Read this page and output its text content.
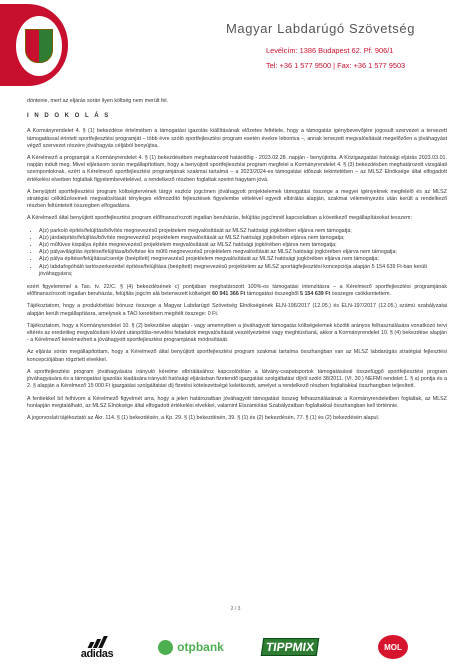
Magyar Labdarúgó Szövetség
Levélcím: 1386 Budapest 62. Pf. 906/1
Tel: +36 1 577 9500 | Fax: +36 1 577 9503

döntenie, mert az eljárás során ilyen költség nem merült fel.

I N D O K O L Á S

A Kormányrendelet 4. § (1) bekezdése értelmében a támogatási igazolás kiállításának előzetes feltétele, hogy a támogatás igénybevevőjére jogosult szervezet a tervezett támogatással érintett sportfejlesztési programját – több évre szóló sportfejlesztési program esetén évekre lebontva –, annak tervezett megvalósítását megelőzően a jóváhagyást végző szervezet részére jóváhagyás céljából benyújtsa.

A Kérelmező a programját a Kormányrendelet 4. § (1) bekezdésében meghatározott határidőig - 2023.02.28. napján - benyújtotta. A Közigazgatási hatósági eljárás 2023.03.01. napján indult meg. Mivel eljárásom során megállapítottam, hogy a benyújtott sportfejlesztési program megfelel a Kormányrendelet 4. § (3) bekezdésben meghatározott vizsgálati szempontoknak, ezért a Kérelmező sportfejlesztési programjának szakmai tartalmá – a 2023/2024-es támogatási időszak tekintetében – az MLSZ Elnöksége által elfogadott értékelési elveiben foglaltak figyelembevételével, a rendelkező részben foglaltak szerint hagytam jóvá.

A benyújtott sportfejlesztési program költségtervének tárgyi eszköz jogcímen jóváhagyott projektelemek támogatási összege a megyei igényeknek megfelelő és az MLSZ stratégiai célkitűzéseinek megvalósítását tényleges előmozdító fejlesztések figyelembe vételével egyedi elbírálás alapján, szakmai véleményezés után került a rendelkező részben feltüntetett összegben elfogadásra.

A Kérelmező által benyújtott sportfejlesztési program előfinanszírozott ingatlan beruházás, felújítás jogcímnél kapcsolatban a következő megállapításokat tesszem:

• A(z) parkoló építés/felújítás/bővítés megnevezésű projektelem megvalósítását az MLSZ hatósági jogkörében eljárva nem támogatja;
• A(z) járdaépítés/felújítás/bővítés megnevezésű projektelem megvalósítását az MLSZ hatósági jogkörében eljárva nem támogatja;
• A(z) műfüves kispálya építés megnevezésű projektelem megvalósítását az MLSZ hatósági jogkörében eljárva nem támogatja;
• A(z) pályavilágítás építése/felújítása/bővítése kis műfű megnevezésű projektelem megvalósítását az MLSZ hatósági jogkörében eljárva nem támogatja;
• A(z) pálya építése/felújítása/cseréje (beépített) megnevezésű projektelem megvalósítását az MLSZ hatósági jogkörében eljárva nem támogatja;
• A(z) labdafogóháló tartószerkezettel építése/felújítása (beépített) megnevezésű projektelem az MLSZ sportágfejlesztési koncepciója alapján 5 154 639 Ft-ban került jóváhagyásra;

ezért figyelemmel a Tao. tv. 22/C. § (4) bekezdésének c) pontjában meghatározott 100%-os támogatási intenzitásra – a Kérelmező sportfejlesztési programjának előfinanszírozott ingatlan beruházás, felújítás jogcím alá betervezett költségét 60 941 366 Ft támogatási összegből 5 154 639 Ft összegre csökkentettem.

Tájékoztatom, hogy a produktivitási bónusz összege a Magyar Labdarúgó Szövetség Elnökségének ELN-196/2017 (12.05.) és ELN-197/2017 (12.05.) számú szabályzatai alapján került megállapításra, amelynek a TAO keretében megítélt összege: 0 Ft.

Tájékoztatom, hogy a Kormányrendelet 10. § (2) bekezdése alapján - vagy amennyiben a jóváhagyott támogatás költségelemek közötti arányos felhasználására vonatkozó tervi eltérés az eredetileg megvalósítani kívánt utánpótlás-nevelési feladatok megvalósítását veszélyeztetné vagy meghiúsítaná, akkor a Kormányrendelet 10. § (4) bekezdése alapján - a Kérelmező kérelmezheti a jóváhagyott sportfejlesztési programjának módosítását.

Az eljárás során megállapítottam, hogy a Kérelmező által benyújtott sportfejlesztési program szakmai tartalma összhangban van az MLSZ labdarúgás stratégiai fejlesztési koncepciójában rögzített elvekkel.

A sportfejlesztési program jóváhagyására irányuló kérelme elbírálásához kapcsolódóan a látvány-csapatsportok támogatásával összefüggő sportfejlesztési program jóváhagyására és a támogatási igazolás kiadására irányuló hatósági eljárásban fizetendő igazgatási szolgáltatási díjról szóló 38/2011. (VI. 30.) NEFMI rendelet 1. § a) pontja és a 2. § alapján a Kérelmező 15 000 Ft igazgatási szolgáltatási díj fizetési kötelezettségé keletkezett, amelyet a rendelkező részben foglaltakkal összhangban teljesített.

A fentiekkel bíl felhívom a Kérelmező figyelmét arra, hogy a jelen határozatban jóváhagyott támogatási összeg felhasználásának a Kormányrendeletben foglaltak, az MLSZ honlapján megtalálható, az MLSZ Elnöksége által elfogadott értékelési elvekkel, valamint Elszámolási Szabályzatban foglaltakkal összhangban kell történnie.

A jogorvoslati tájékoztató az Ákr. 114. § (1) bekezdésén, a Kp. 29. § (1) bekezdésén, 39. § (1) és (2) bekezdésén, 77. § (1) és (2) bekezdésén alapul.

2 / 3
adidas	otpbank	TIPPMIX	MOL
